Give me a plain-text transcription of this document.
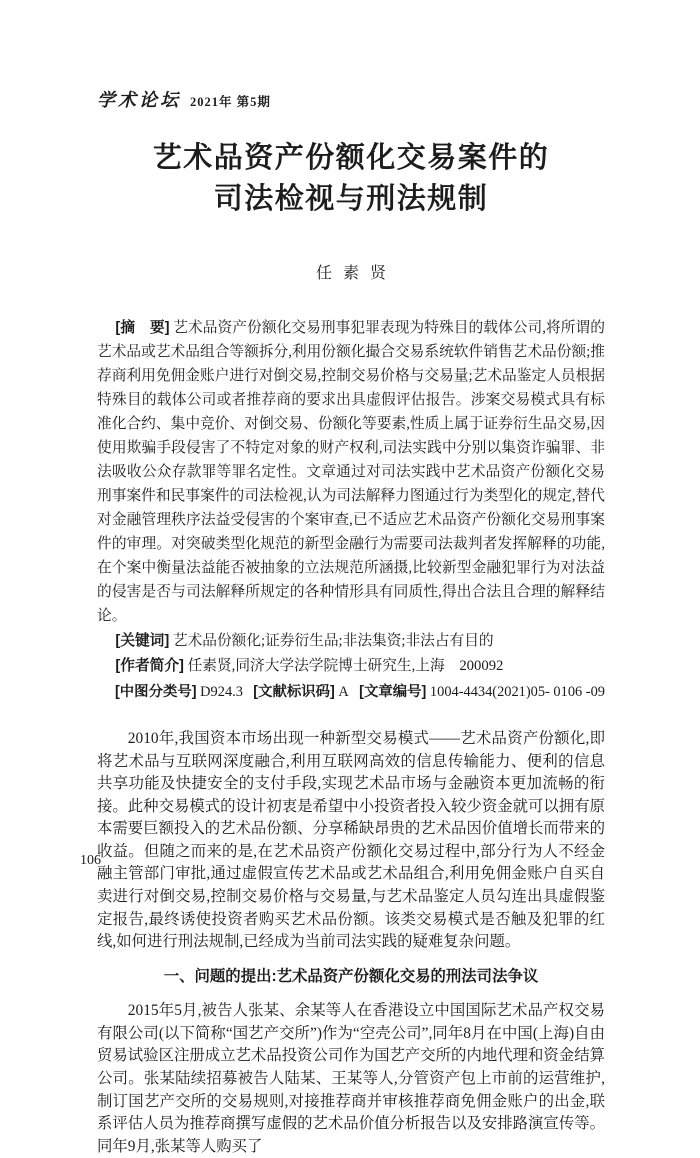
学术论坛 2021年 第5期
艺术品资产份额化交易案件的
司法检视与刑法规制
任素贤

[摘　要] 艺术品资产份额化交易刑事犯罪表现为特殊目的载体公司,将所谓的艺术品或艺术品组合等额拆分,利用份额化撮合交易系统软件销售艺术品份额;推荐商利用免佣金账户进行对倒交易,控制交易价格与交易量;艺术品鉴定人员根据特殊目的载体公司或者推荐商的要求出具虚假评估报告。涉案交易模式具有标准化合约、集中竞价、对倒交易、份额化等要素,性质上属于证券衍生品交易,因使用欺骗手段侵害了不特定对象的财产权利,司法实践中分别以集资诈骗罪、非法吸收公众存款罪等罪名定性。文章通过对司法实践中艺术品资产份额化交易刑事案件和民事案件的司法检视,认为司法解释力图通过行为类型化的规定,替代对金融管理秩序法益受侵害的个案审查,已不适应艺术品资产份额化交易刑事案件的审理。对突破类型化规范的新型金融行为需要司法裁判者发挥解释的功能,在个案中衡量法益能否被抽象的立法规范所涵摄,比较新型金融犯罪行为对法益的侵害是否与司法解释所规定的各种情形具有同质性,得出合法且合理的解释结论。

[关键词] 艺术品份额化;证券衍生品;非法集资;非法占有目的

[作者简介] 任素贤,同济大学法学院博士研究生,上海　200092

[中图分类号] D924.3 [文献标识码] A [文章编号] 1004-4434(2021)05- 0106 -09

2010年,我国资本市场出现一种新型交易模式——艺术品资产份额化,即将艺术品与互联网深度融合,利用互联网高效的信息传输能力、便利的信息共享功能及快捷安全的支付手段,实现艺术品市场与金融资本更加流畅的衔接。此种交易模式的设计初衷是希望中小投资者投入较少资金就可以拥有原本需要巨额投入的艺术品份额、分享稀缺昂贵的艺术品因价值增长而带来的收益。但随之而来的是,在艺术品资产份额化交易过程中,部分行为人不经金融主管部门审批,通过虚假宣传艺术品或艺术品组合,利用免佣金账户自买自卖进行对倒交易,控制交易价格与交易量,与艺术品鉴定人员勾连出具虚假鉴定报告,最终诱使投资者购买艺术品份额。该类交易模式是否触及犯罪的红线,如何进行刑法规制,已经成为当前司法实践的疑难复杂问题。

一、问题的提出:艺术品资产份额化交易的刑法司法争议

2015年5月,被告人张某、余某等人在香港设立中国国际艺术品产权交易有限公司(以下简称“国艺产交所”)作为“空壳公司”,同年8月在中国(上海)自由贸易试验区注册成立艺术品投资公司作为国艺产交所的内地代理和资金结算公司。张某陆续招募被告人陆某、王某等人,分管资产包上市前的运营维护,制订国艺产交所的交易规则,对接推荐商并审核推荐商免佣金账户的出金,联系评估人员为推荐商撰写虚假的艺术品价值分析报告以及安排路演宣传等。同年9月,张某等人购买了

106
